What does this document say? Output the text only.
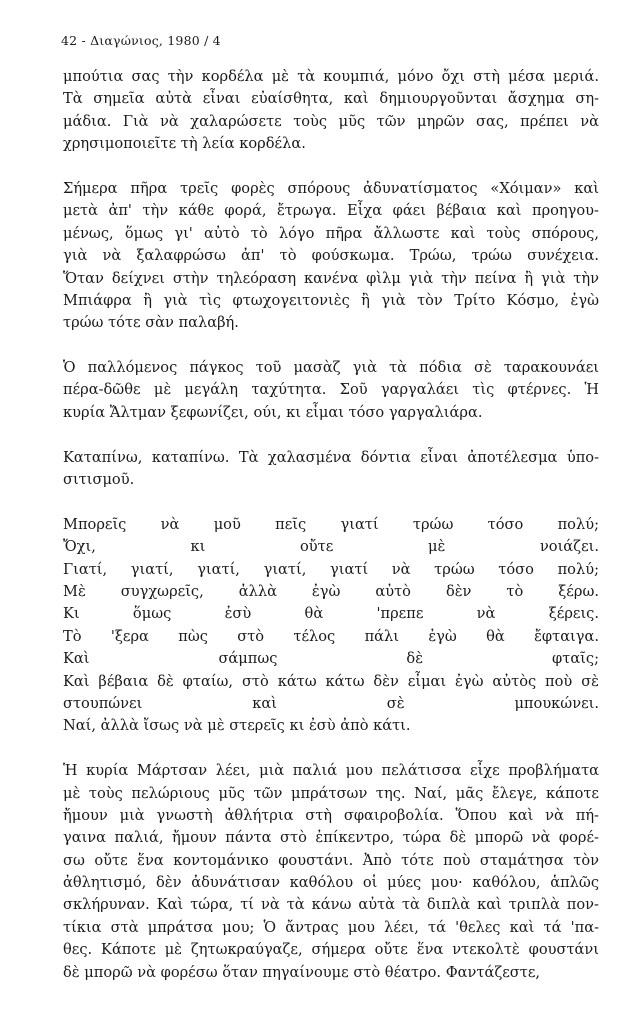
42 - Διαγώνιος, 1980 / 4
μπούτια σας τὴν κορδέλα μὲ τὰ κουμπιά, μόνο ὄχι στὴ μέσα μεριά.
Τὰ σημεῖα αὐτὰ εἶναι εὐαίσθητα, καὶ δημιουργοῦνται ἄσχημα ση-
μάδια. Γιὰ νὰ χαλαρώσετε τοὺς μῦς τῶν μηρῶν σας, πρέπει νὰ
χρησιμοποιεῖτε τὴ λεία κορδέλα.
Σήμερα πῆρα τρεῖς φορὲς σπόρους ἀδυνατίσματος «Χόιμαν» καὶ
μετὰ ἀπ' τὴν κάθε φορά, ἔτρωγα. Εἶχα φάει βέβαια καὶ προηγου-
μένως, ὅμως γι' αὐτὸ τὸ λόγο πῆρα ἄλλωστε καὶ τοὺς σπόρους,
γιὰ νὰ ξαλαφρώσω ἀπ' τὸ φούσκωμα. Τρώω, τρώω συνέχεια.
Ὅταν δείχνει στὴν τηλεόραση κανένα φὶλμ γιὰ τὴν πείνα ἢ γιὰ τὴν
Μπιάφρα ἢ γιὰ τὶς φτωχογειτονιὲς ἢ γιὰ τὸν Τρίτο Κόσμο, ἐγὼ
τρώω τότε σὰν παλαβή.
Ὁ παλλόμενος πάγκος τοῦ μασὰζ γιὰ τὰ πόδια σὲ ταρακουνάει
πέρα-δῶθε μὲ μεγάλη ταχύτητα. Σοῦ γαργαλάει τὶς φτέρνες. Ἡ
κυρία Ἄλτμαν ξεφωνίζει, ούι, κι εἶμαι τόσο γαργαλιάρα.
Καταπίνω, καταπίνω. Τὰ χαλασμένα δόντια εἶναι ἀποτέλεσμα ὑπο-
σιτισμοῦ.
Μπορεῖς νὰ μοῦ πεῖς γιατί τρώω τόσο πολύ;
Ὄχι, κι οὔτε μὲ νοιάζει.
Γιατί, γιατί, γιατί, γιατί, γιατί νὰ τρώω τόσο πολύ;
Μὲ συγχωρεῖς, ἀλλὰ ἐγὼ αὐτὸ δὲν τὸ ξέρω.
Κι ὅμως ἐσὺ θὰ 'πρεπε νὰ ξέρεις.
Τὸ 'ξερα πὼς στὸ τέλος πάλι ἐγὼ θὰ ἔφταιγα.
Καὶ σάμπως δὲ φταῖς;
Καὶ βέβαια δὲ φταίω, στὸ κάτω κάτω δὲν εἶμαι ἐγὼ αὐτὸς ποὺ σὲ
στουπώνει καὶ σὲ μπουκώνει.
Ναί, ἀλλὰ ἴσως νὰ μὲ στερεῖς κι ἐσὺ ἀπὸ κάτι.
Ἡ κυρία Μάρτσαν λέει, μιὰ παλιά μου πελάτισσα εἶχε προβλήματα
μὲ τοὺς πελώριους μῦς τῶν μπράτσων της. Ναί, μᾶς ἔλεγε, κάποτε
ἤμουν μιὰ γνωστὴ ἀθλήτρια στὴ σφαιροβολία. Ὅπου καὶ νὰ πή-
γαινα παλιά, ἤμουν πάντα στὸ ἐπίκεντρο, τώρα δὲ μπορῶ νὰ φορέ-
σω οὔτε ἕνα κοντομάνικο φουστάνι. Ἀπὸ τότε ποὺ σταμάτησα τὸν
ἀθλητισμό, δὲν ἀδυνάτισαν καθόλου οἱ μύες μου· καθόλου, ἁπλῶς
σκλήρυναν. Καὶ τώρα, τί νὰ τὰ κάνω αὐτὰ τὰ διπλὰ καὶ τριπλὰ πον-
τίκια στὰ μπράτσα μου; Ὁ ἄντρας μου λέει, τά 'θελες καὶ τά 'πα-
θες. Κάποτε μὲ ζητωκραύγαζε, σήμερα οὔτε ἕνα ντεκολτὲ φουστάνι
δὲ μπορῶ νὰ φορέσω ὅταν πηγαίνουμε στὸ θέατρο. Φαντάζεστε,
